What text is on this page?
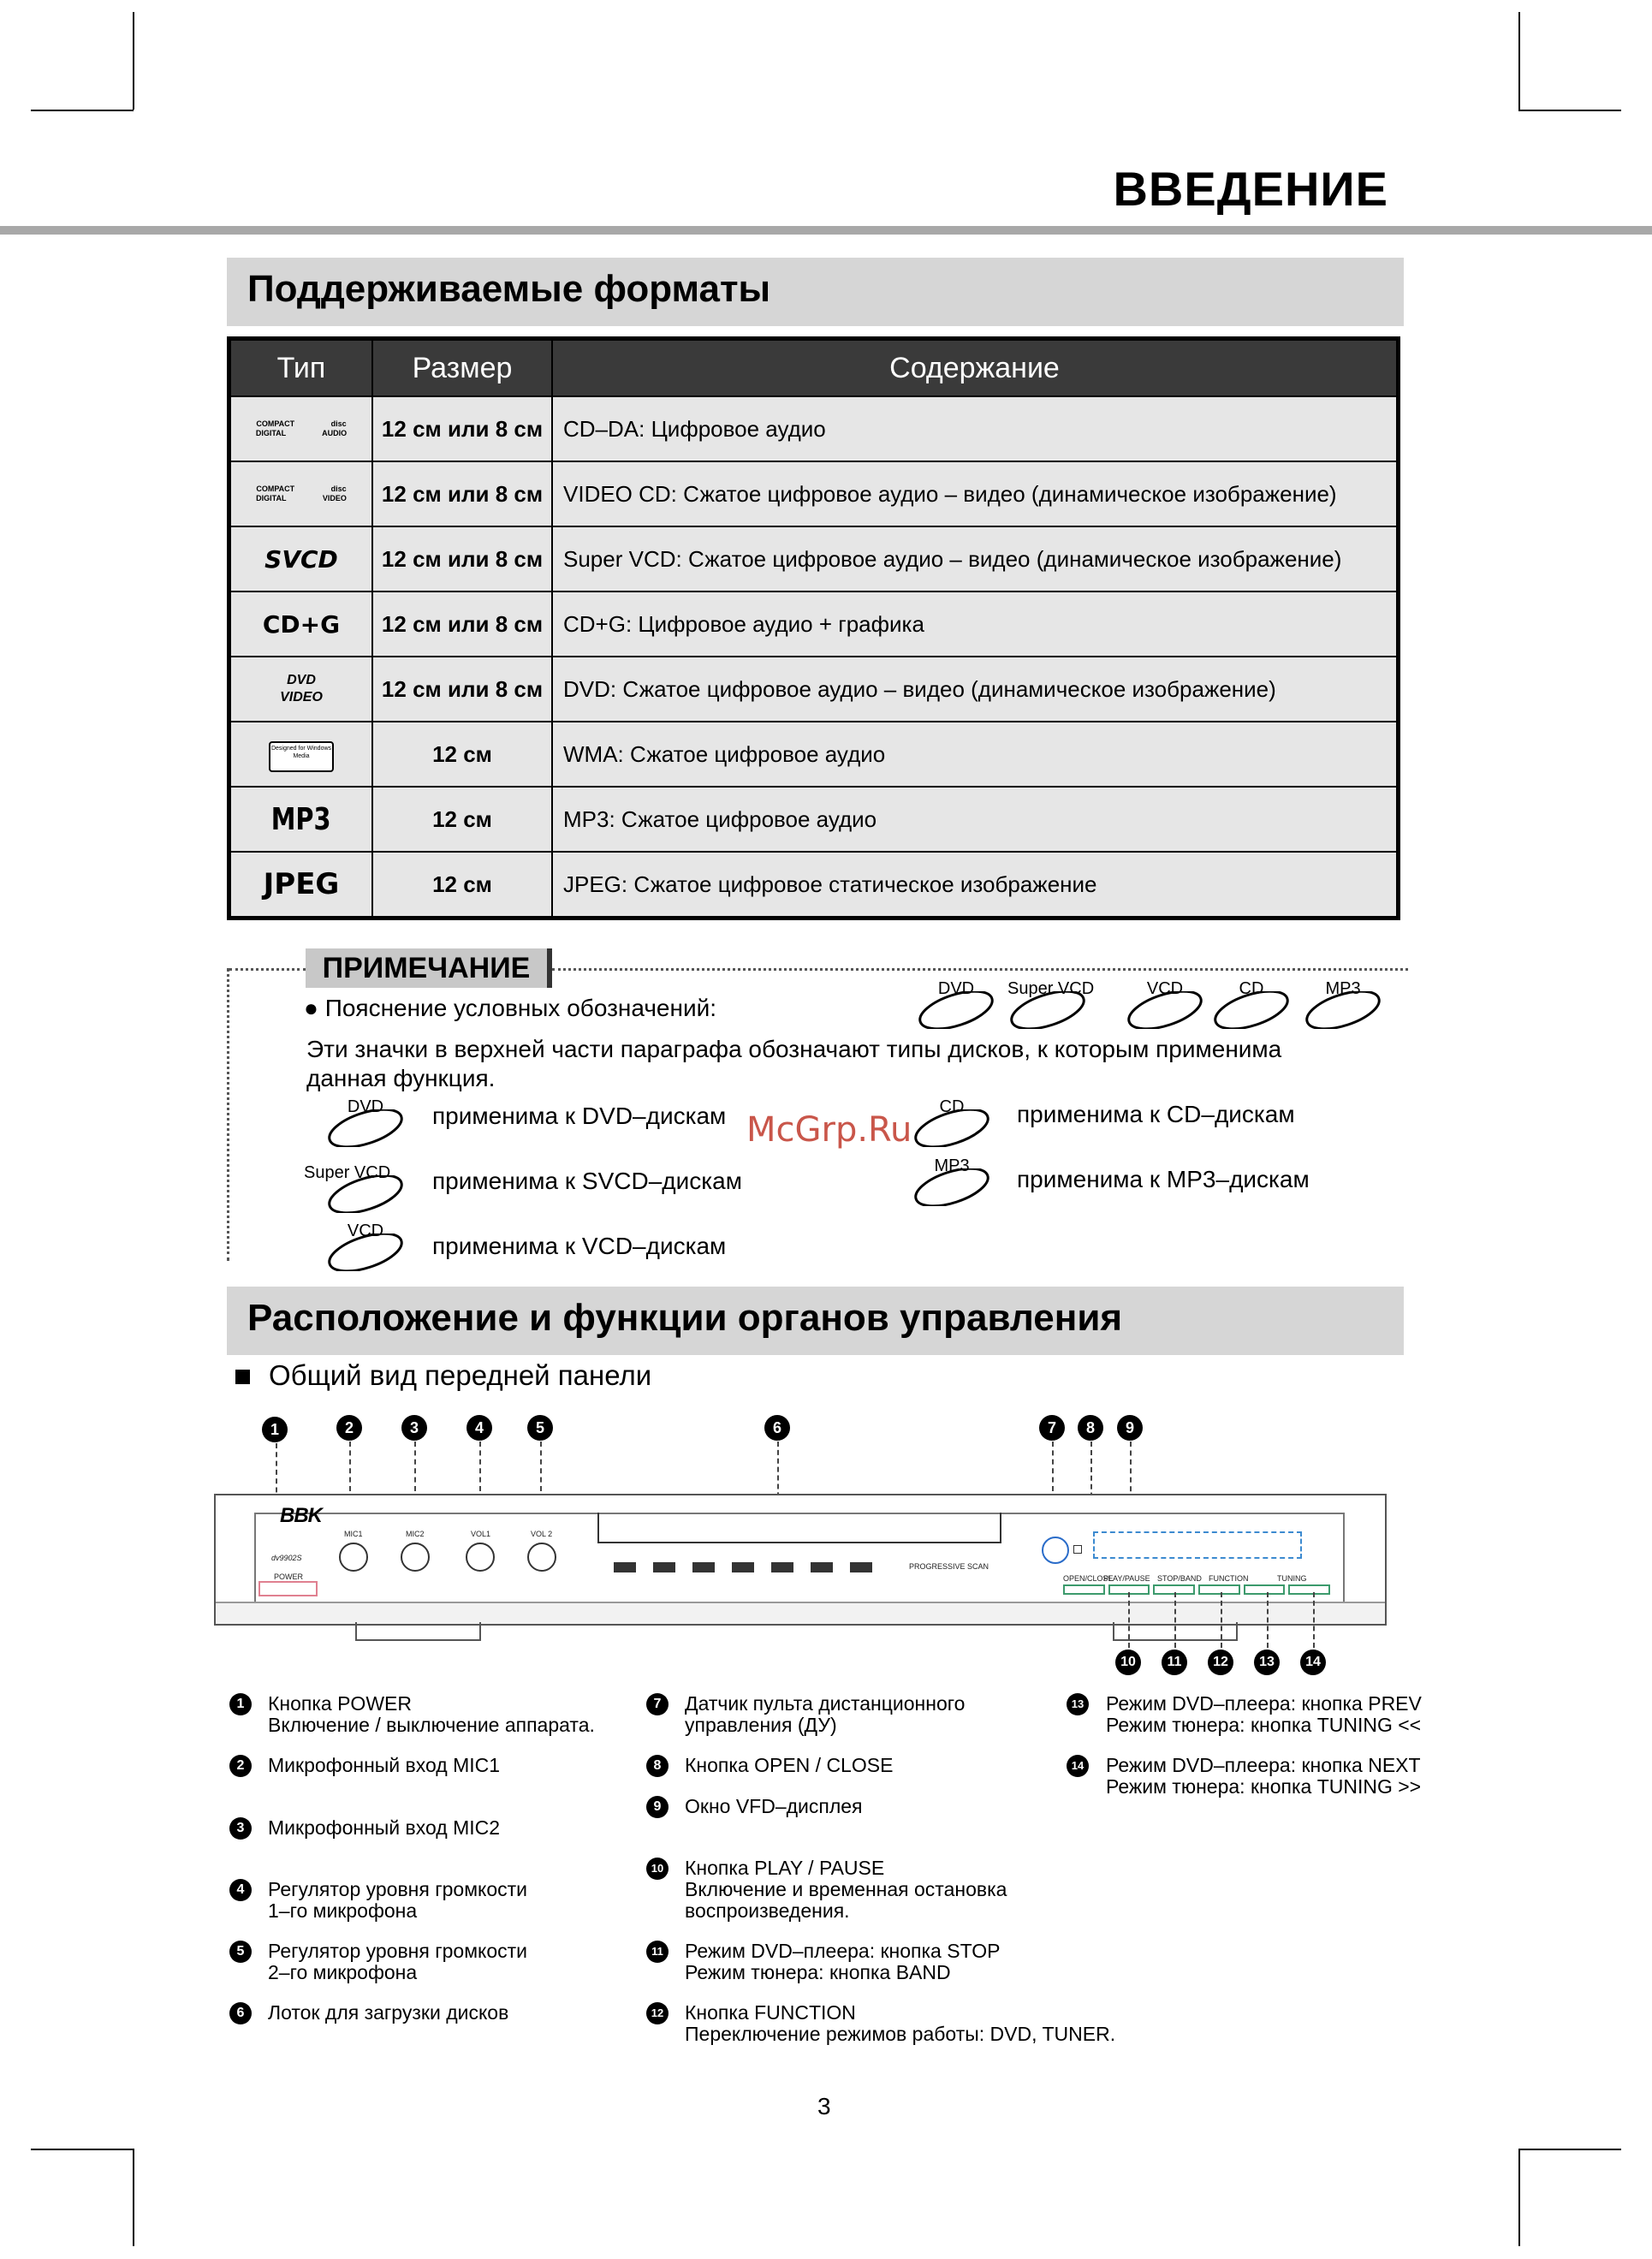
ВВЕДЕНИЕ
Поддерживаемые форматы
Тип	Размер	Содержание

COMPACT disc DIGITAL AUDIO	12 см или 8 см	CD–DA: Цифровое аудио

COMPACT disc DIGITAL VIDEO	12 см или 8 см	VIDEO CD: Сжатое цифровое аудио – видео (динамическое изображение)
SVCD	12 см или 8 см	Super VCD: Сжатое цифровое аудио – видео (динамическое изображение)
CD+G	12 см или 8 см	CD+G: Цифровое аудио + графика

DVD VIDEO	12 см или 8 см	DVD: Сжатое цифровое аудио – видео (динамическое изображение)
Designed for Windows Media	12 см	WMA: Сжатое цифровое аудио
MP3	12 см	MP3: Сжатое цифровое аудио
JPEG	12 см	JPEG: Сжатое цифровое статическое изображение
ПРИМЕЧАНИЕ
● Пояснение условных обозначений:
DVD	Super VCD	VCD	CD	MP3
Эти значки в верхней части параграфа обозначают типы дисков, к которым применима
данная функция.
DVD	применима к DVD–дискам
Super VCD применима к SVCD–дискам
VCD
применима к VCD–дискам
CD	применима к CD–дискам
MP3	применима к MP3–дискам
McGrp.Ru
Расположение и функции органов управления
Общий вид передней панели
1	2	3	4	5	6	7	8	9
BBK
dv9902S
POWER
MIC1	MIC2	VOL1	VOL 2
PROGRESSIVE SCAN
OPEN/CLOSE
PLAY/PAUSE STOP/BAND FUNCTION	TUNING
10	11	12	13	14
1	Кнопка POWER
Включение / выключение аппарата.
2	Микрофонный вход MIC1
3	Микрофонный вход MIC2
4	Регулятор уровня громкости
1–го микрофона
5	Регулятор уровня громкости
2–го микрофона
6	Лоток для загрузки дисков
7	Датчик пульта дистанционного
управления (ДУ)
8	Кнопка OPEN / CLOSE
9	Окно VFD–дисплея
10 Кнопка PLAY / PAUSE
Включение и временная остановка
воспроизведения.
11 Режим DVD–плеера: кнопка STOP
Режим тюнера: кнопка BAND
12 Кнопка FUNCTION
Переключение режимов работы: DVD, TUNER.
13 Режим DVD–плеера: кнопка PREV
Режим тюнера: кнопка TUNING <<
14 Режим DVD–плеера: кнопка NEXT
Режим тюнера: кнопка TUNING >>
3
